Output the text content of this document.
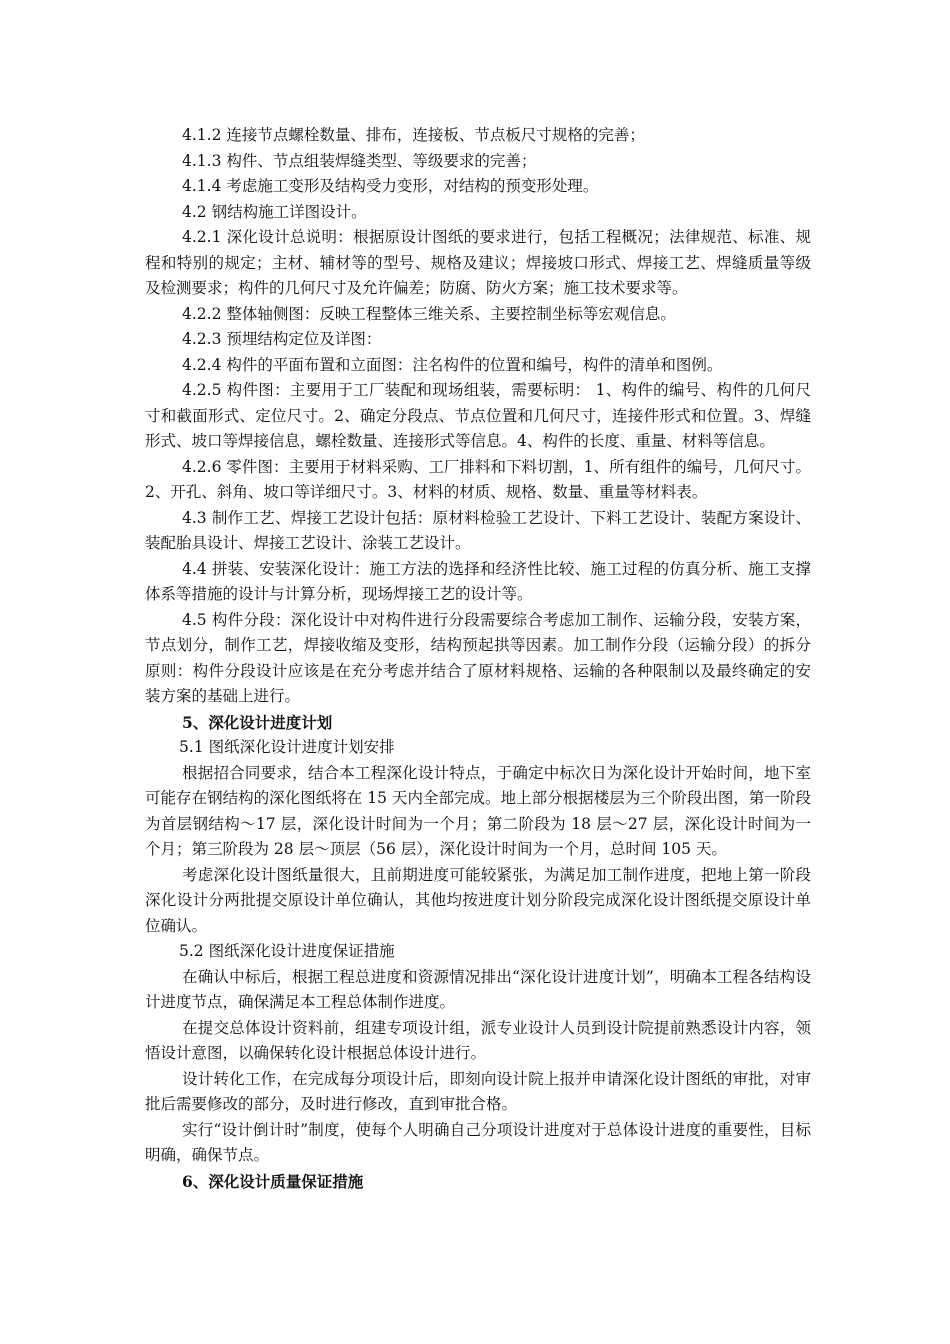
4.1.2 连接节点螺栓数量、排布，连接板、节点板尺寸规格的完善；

4.1.3 构件、节点组装焊缝类型、等级要求的完善；

4.1.4 考虑施工变形及结构受力变形，对结构的预变形处理。

4.2 钢结构施工详图设计。

4.2.1 深化设计总说明：根据原设计图纸的要求进行，包括工程概况；法律规范、标准、规程和特别的规定；主材、辅材等的型号、规格及建议；焊接坡口形式、焊接工艺、焊缝质量等级及检测要求；构件的几何尺寸及允许偏差；防腐、防火方案；施工技术要求等。

4.2.2 整体轴侧图：反映工程整体三维关系、主要控制坐标等宏观信息。

4.2.3 预埋结构定位及详图：

4.2.4 构件的平面布置和立面图：注名构件的位置和编号，构件的清单和图例。

4.2.5 构件图：主要用于工厂装配和现场组装，需要标明： 1、构件的编号、构件的几何尺寸和截面形式、定位尺寸。2、确定分段点、节点位置和几何尺寸，连接件形式和位置。3、焊缝形式、坡口等焊接信息，螺栓数量、连接形式等信息。4、构件的长度、重量、材料等信息。

4.2.6 零件图：主要用于材料采购、工厂排料和下料切割，1、所有组件的编号，几何尺寸。2、开孔、斜角、坡口等详细尺寸。3、材料的材质、规格、数量、重量等材料表。

4.3 制作工艺、焊接工艺设计包括：原材料检验工艺设计、下料工艺设计、装配方案设计、装配胎具设计、焊接工艺设计、涂装工艺设计。

4.4 拼装、安装深化设计：施工方法的选择和经济性比较、施工过程的仿真分析、施工支撑体系等措施的设计与计算分析，现场焊接工艺的设计等。

4.5 构件分段：深化设计中对构件进行分段需要综合考虑加工制作、运输分段，安装方案，节点划分，制作工艺，焊接收缩及变形，结构预起拱等因素。加工制作分段（运输分段）的拆分原则：构件分段设计应该是在充分考虑并结合了原材料规格、运输的各种限制以及最终确定的安装方案的基础上进行。

5、深化设计进度计划

5.1 图纸深化设计进度计划安排

根据招合同要求，结合本工程深化设计特点，于确定中标次日为深化设计开始时间，地下室可能存在钢结构的深化图纸将在 15 天内全部完成。地上部分根据楼层为三个阶段出图，第一阶段为首层钢结构～17 层，深化设计时间为一个月；第二阶段为 18 层～27 层，深化设计时间为一个月；第三阶段为 28 层～顶层（56 层），深化设计时间为一个月，总时间 105 天。

考虑深化设计图纸量很大，且前期进度可能较紧张，为满足加工制作进度，把地上第一阶段深化设计分两批提交原设计单位确认，其他均按进度计划分阶段完成深化设计图纸提交原设计单位确认。

5.2 图纸深化设计进度保证措施

在确认中标后，根据工程总进度和资源情况排出“深化设计进度计划”，明确本工程各结构设计进度节点，确保满足本工程总体制作进度。

在提交总体设计资料前，组建专项设计组，派专业设计人员到设计院提前熟悉设计内容，领悟设计意图，以确保转化设计根据总体设计进行。

设计转化工作，在完成每分项设计后，即刻向设计院上报并申请深化设计图纸的审批，对审批后需要修改的部分，及时进行修改，直到审批合格。

实行“设计倒计时”制度，使每个人明确自己分项设计进度对于总体设计进度的重要性，目标明确，确保节点。

6、深化设计质量保证措施
